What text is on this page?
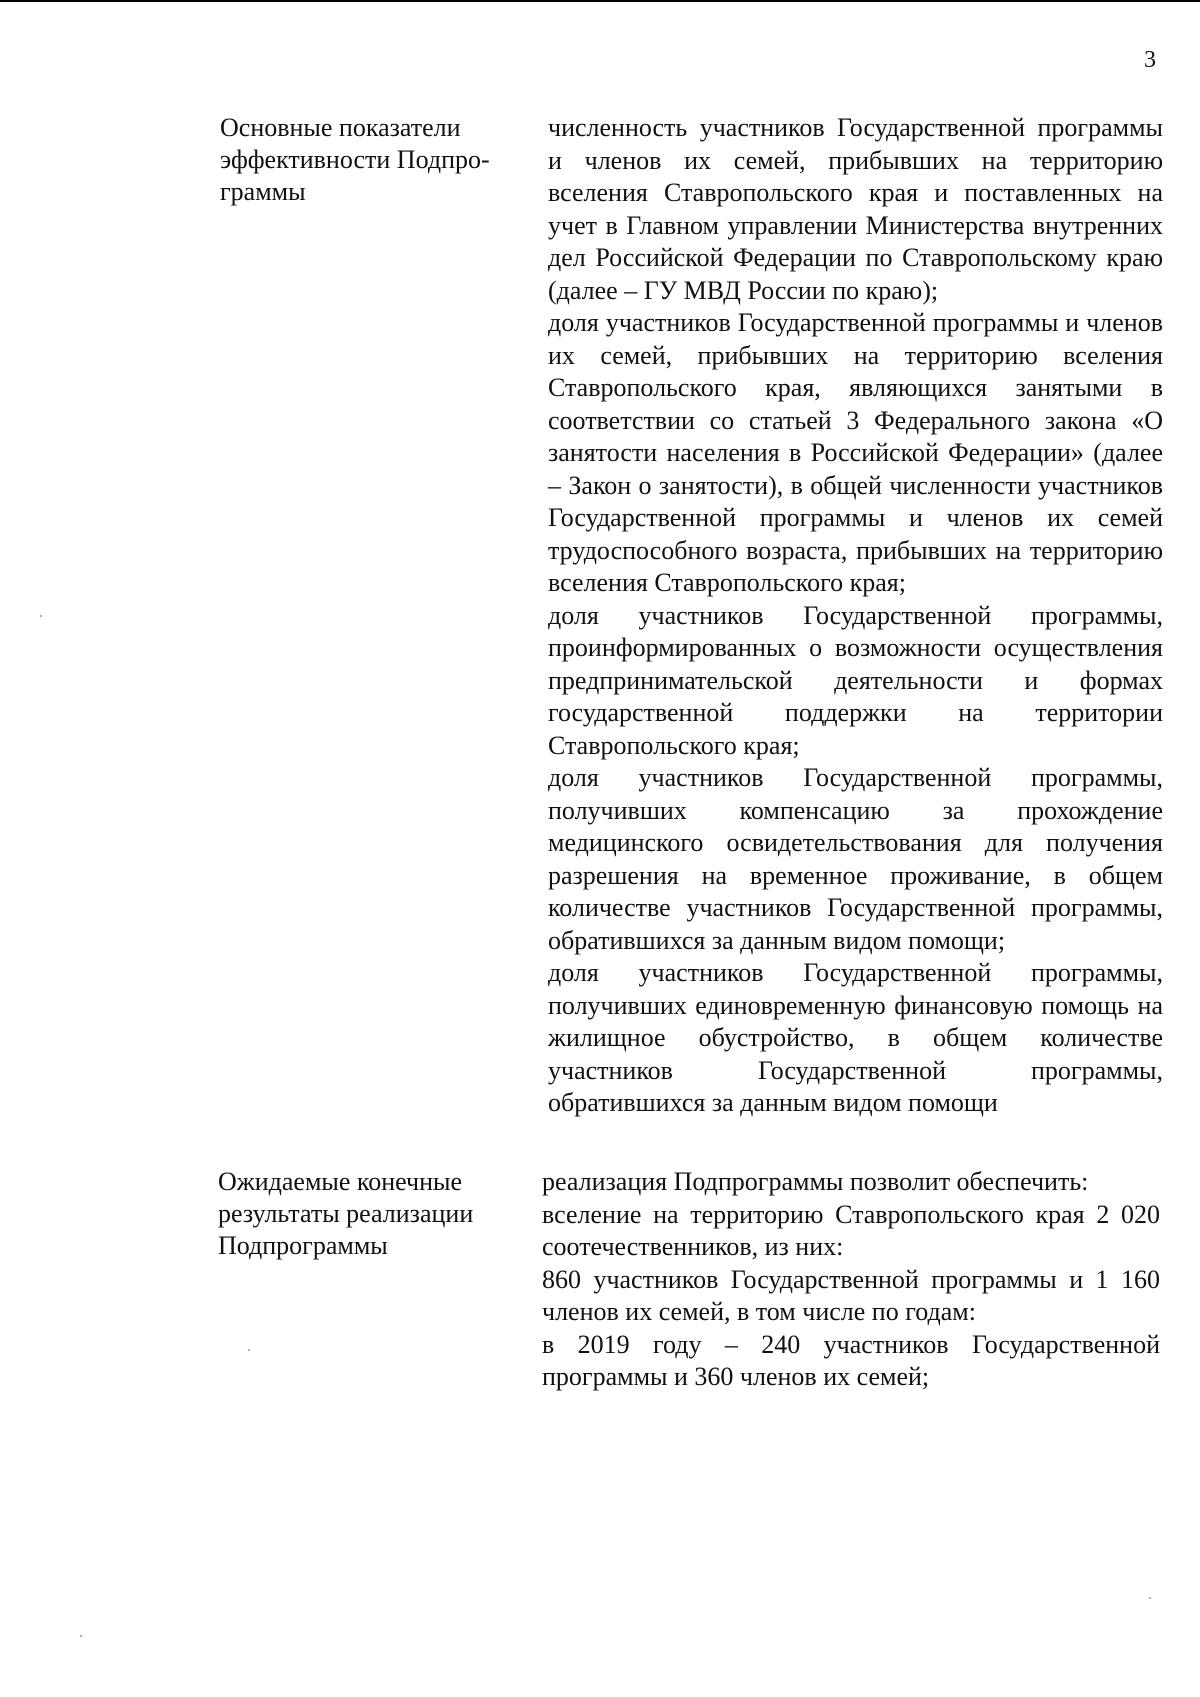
3
Основные показатели
эффективности Подпро-
граммы

численность участников Государственной программы и членов их семей, прибывших на территорию вселения Ставропольского края и поставленных на учет в Главном управлении Министерства внутренних дел Российской Федерации по Ставропольскому краю (далее – ГУ МВД России по краю);

доля участников Государственной программы и членов их семей, прибывших на территорию вселения Ставропольского края, являющихся занятыми в соответствии со статьей 3 Федерального закона «О занятости населения в Российской Федерации» (далее – Закон о занятости), в общей численности участников Государственной программы и членов их семей трудоспособного возраста, прибывших на территорию вселения Ставропольского края;

доля участников Государственной программы, проинформированных о возможности осуществления предпринимательской деятельности и формах государственной поддержки на территории Ставропольского края;

доля участников Государственной программы, получивших компенсацию за прохождение медицинского освидетельствования для получения разрешения на временное проживание, в общем количестве участников Государственной программы, обратившихся за данным видом помощи;

доля участников Государственной программы, получивших единовременную финансовую помощь на жилищное обустройство, в общем количестве участников Государственной программы, обратившихся за данным видом помощи

Ожидаемые конечные
результаты реализации
Подпрограммы

реализация Подпрограммы позволит обеспечить:

вселение на территорию Ставропольского края 2 020 соотечественников, из них:

860 участников Государственной программы и 1 160 членов их семей, в том числе по годам:

в 2019 году – 240 участников Государственной программы и 360 членов их семей;
